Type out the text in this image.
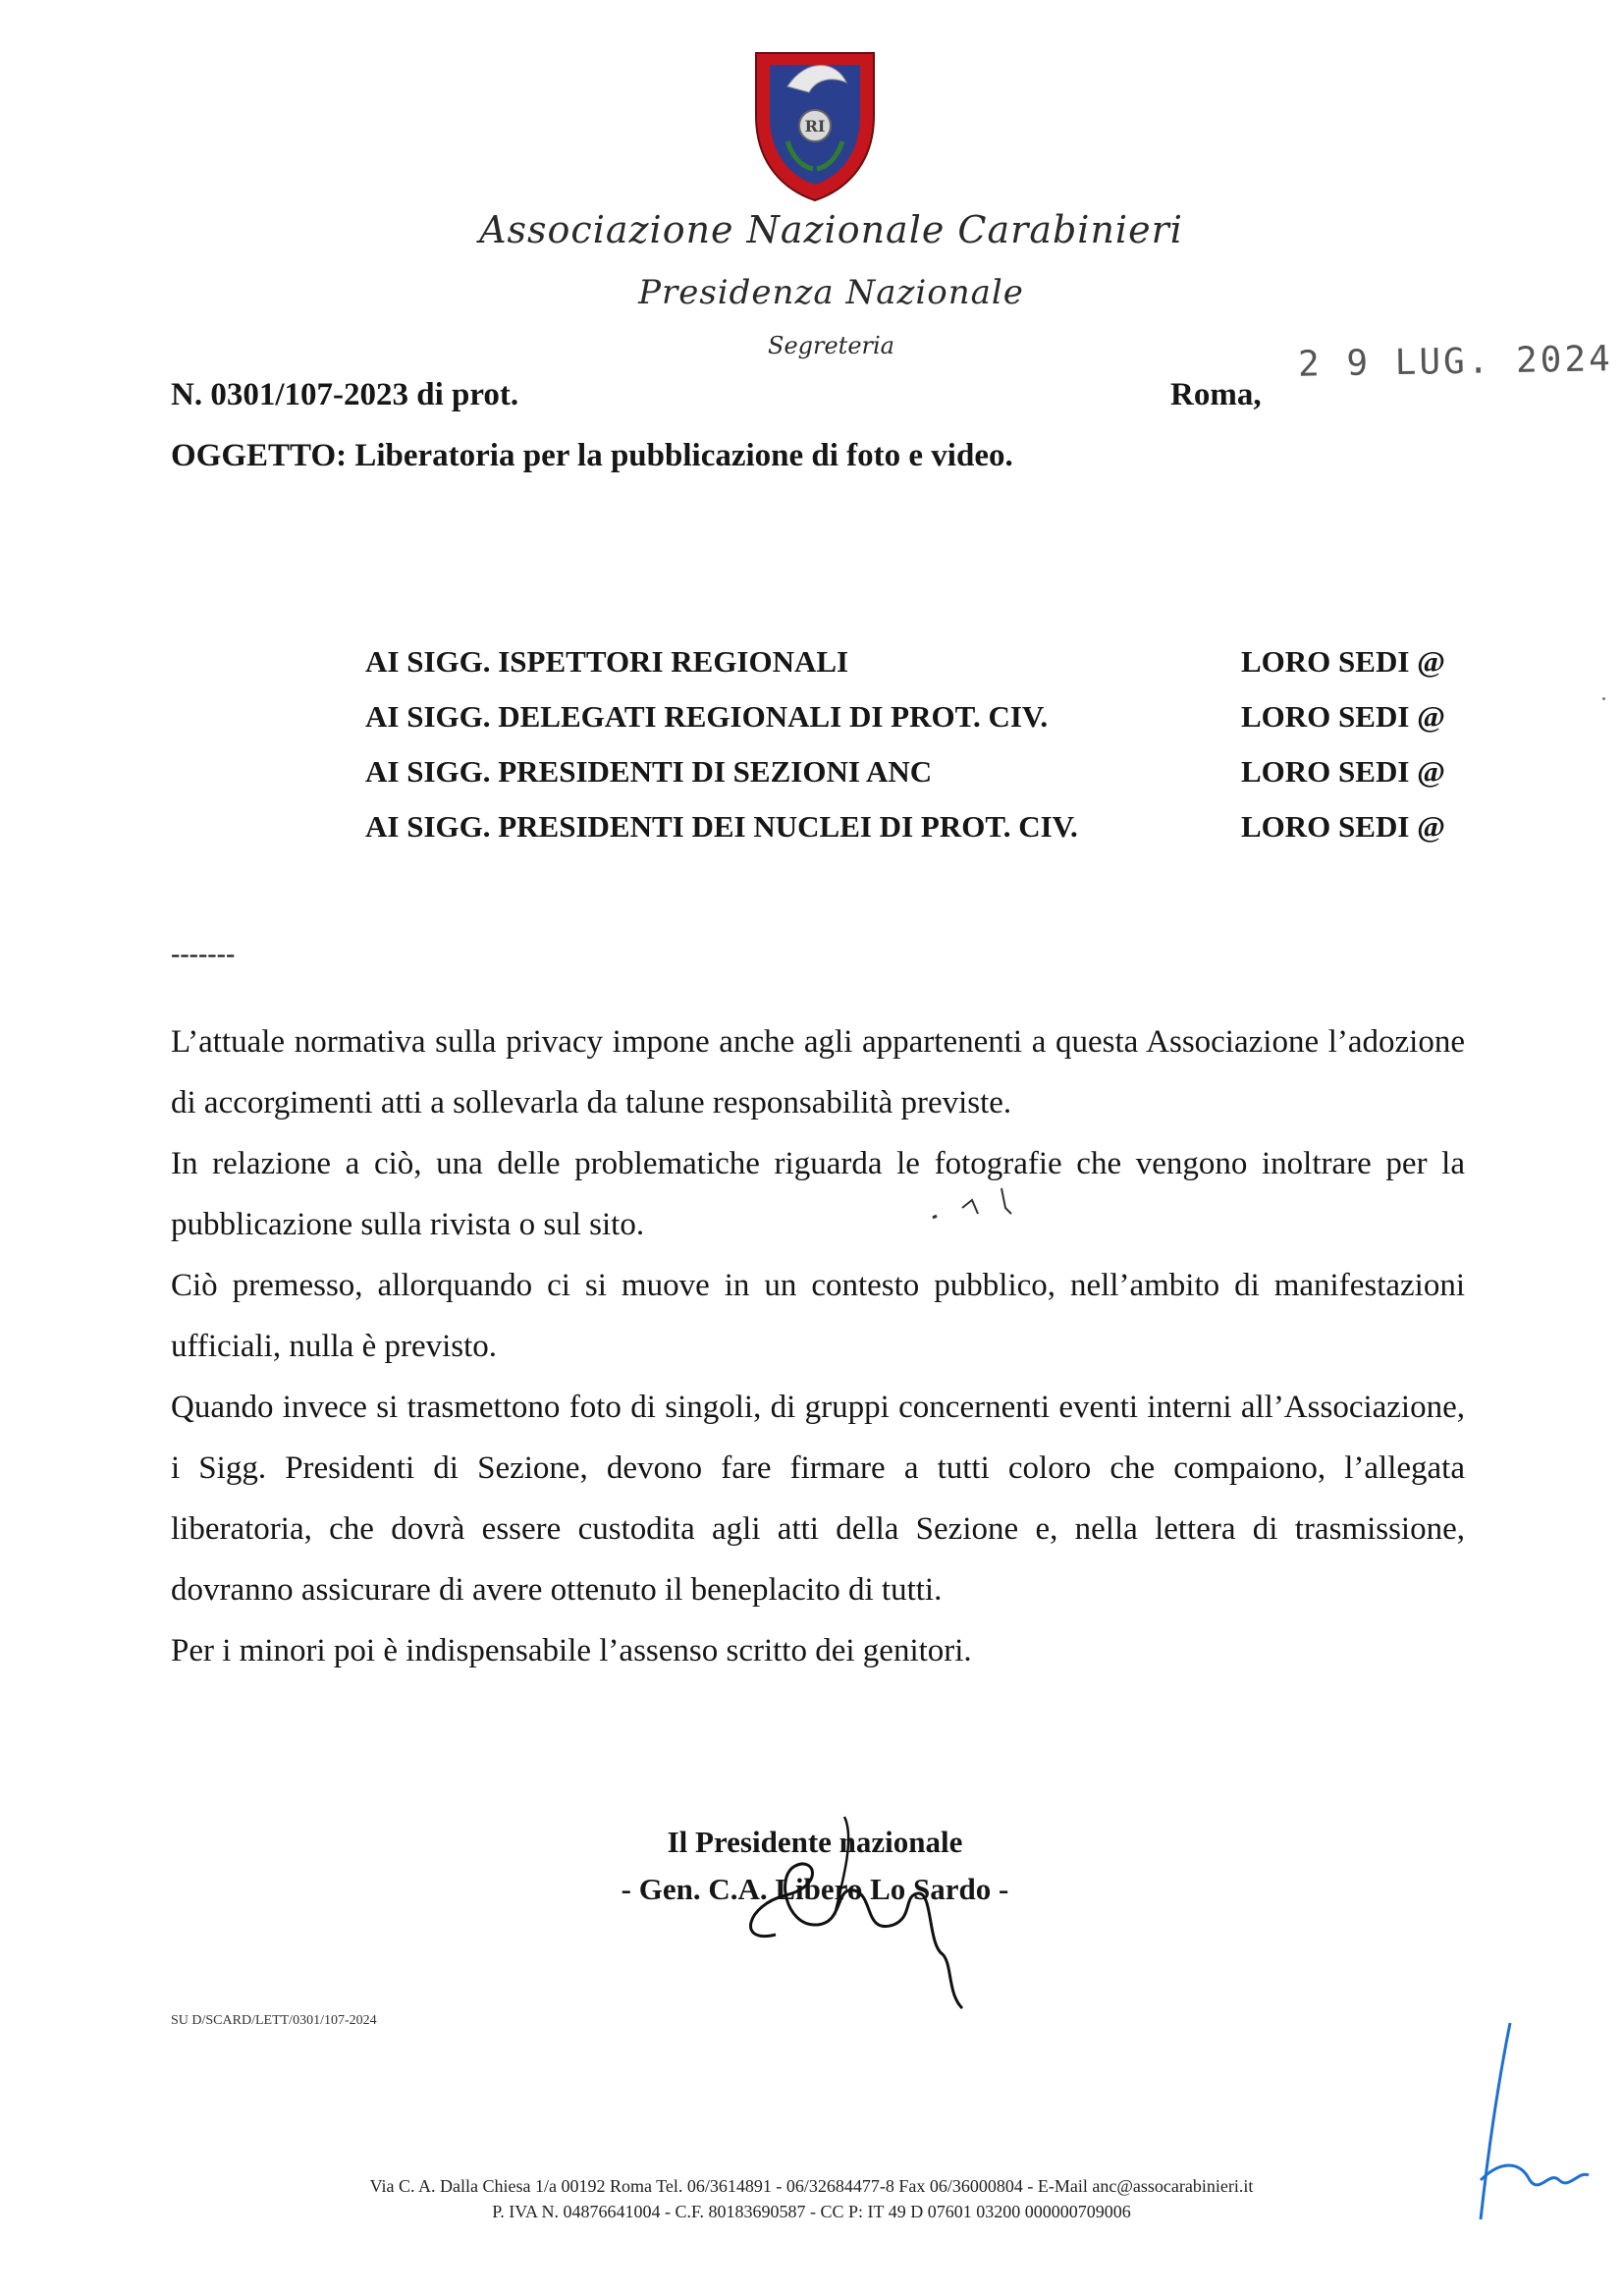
RI
Associazione Nazionale Carabinieri
Presidenza Nazionale
Segreteria
N. 0301/107-2023 di prot.	Roma,
2 9 LUG. 2024
OGGETTO: Liberatoria per la pubblicazione di foto e video.
AI SIGG. ISPETTORI REGIONALI	LORO SEDI @
AI SIGG. DELEGATI REGIONALI DI PROT. CIV.	LORO SEDI @
AI SIGG. PRESIDENTI DI SEZIONI ANC	LORO SEDI @
AI SIGG. PRESIDENTI DEI NUCLEI DI PROT. CIV.	LORO SEDI @
-------

L’attuale normativa sulla privacy impone anche agli appartenenti a questa Associazione l’adozione di accorgimenti atti a sollevarla da talune responsabilità previste.

In relazione a ciò, una delle problematiche riguarda le fotografie che vengono inoltrare per la pubblicazione sulla rivista o sul sito.

Ciò premesso, allorquando ci si muove in un contesto pubblico, nell’ambito di manifestazioni ufficiali, nulla è previsto.

Quando invece si trasmettono foto di singoli, di gruppi concernenti eventi interni all’Associazione, i Sigg. Presidenti di Sezione, devono fare firmare a tutti coloro che compaiono, l’allegata liberatoria, che dovrà essere custodita agli atti della Sezione e, nella lettera di trasmissione, dovranno assicurare di avere ottenuto il beneplacito di tutti.

Per i minori poi è indispensabile l’assenso scritto dei genitori.

Il Presidente nazionale
- Gen. C.A. Libero Lo Sardo -
SU D/SCARD/LETT/0301/107-2024
Via C. A. Dalla Chiesa 1/a 00192 Roma Tel. 06/3614891 - 06/32684477-8 Fax 06/36000804 - E-Mail anc@assocarabinieri.it
P. IVA N. 04876641004 - C.F. 80183690587 - CC P: IT 49 D 07601 03200 000000709006
